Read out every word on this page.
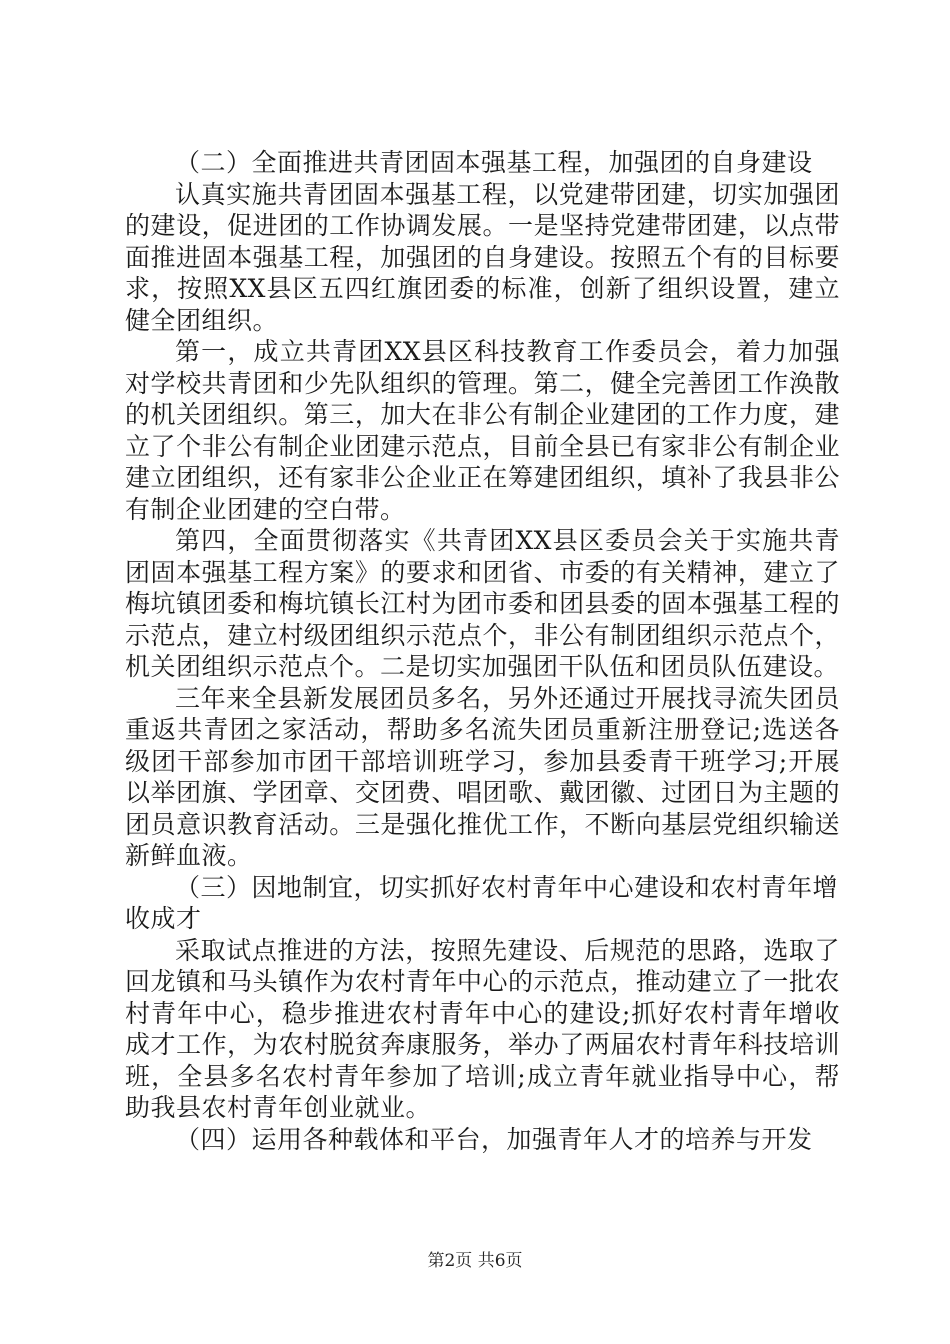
（二）全面推进共青团固本强基工程，加强团的自身建设

认真实施共青团固本强基工程，以党建带团建，切实加强团的建设，促进团的工作协调发展。一是坚持党建带团建，以点带面推进固本强基工程，加强团的自身建设。按照五个有的目标要求，按照XX县区五四红旗团委的标准，创新了组织设置，建立健全团组织。

第一，成立共青团XX县区科技教育工作委员会，着力加强对学校共青团和少先队组织的管理。第二，健全完善团工作涣散的机关团组织。第三，加大在非公有制企业建团的工作力度，建立了个非公有制企业团建示范点，目前全县已有家非公有制企业建立团组织，还有家非公企业正在筹建团组织，填补了我县非公有制企业团建的空白带。

第四，全面贯彻落实《共青团XX县区委员会关于实施共青团固本强基工程方案》的要求和团省、市委的有关精神，建立了梅坑镇团委和梅坑镇长江村为团市委和团县委的固本强基工程的示范点，建立村级团组织示范点个，非公有制团组织示范点个，机关团组织示范点个。二是切实加强团干队伍和团员队伍建设。

三年来全县新发展团员多名，另外还通过开展找寻流失团员重返共青团之家活动，帮助多名流失团员重新注册登记;选送各级团干部参加市团干部培训班学习，参加县委青干班学习;开展以举团旗、学团章、交团费、唱团歌、戴团徽、过团日为主题的团员意识教育活动。三是强化推优工作，不断向基层党组织输送新鲜血液。

（三）因地制宜，切实抓好农村青年中心建设和农村青年增收成才

采取试点推进的方法，按照先建设、后规范的思路，选取了回龙镇和马头镇作为农村青年中心的示范点，推动建立了一批农村青年中心，稳步推进农村青年中心的建设;抓好农村青年增收成才工作，为农村脱贫奔康服务，举办了两届农村青年科技培训班，全县多名农村青年参加了培训;成立青年就业指导中心，帮助我县农村青年创业就业。

（四）运用各种载体和平台，加强青年人才的培养与开发

第2页 共6页
